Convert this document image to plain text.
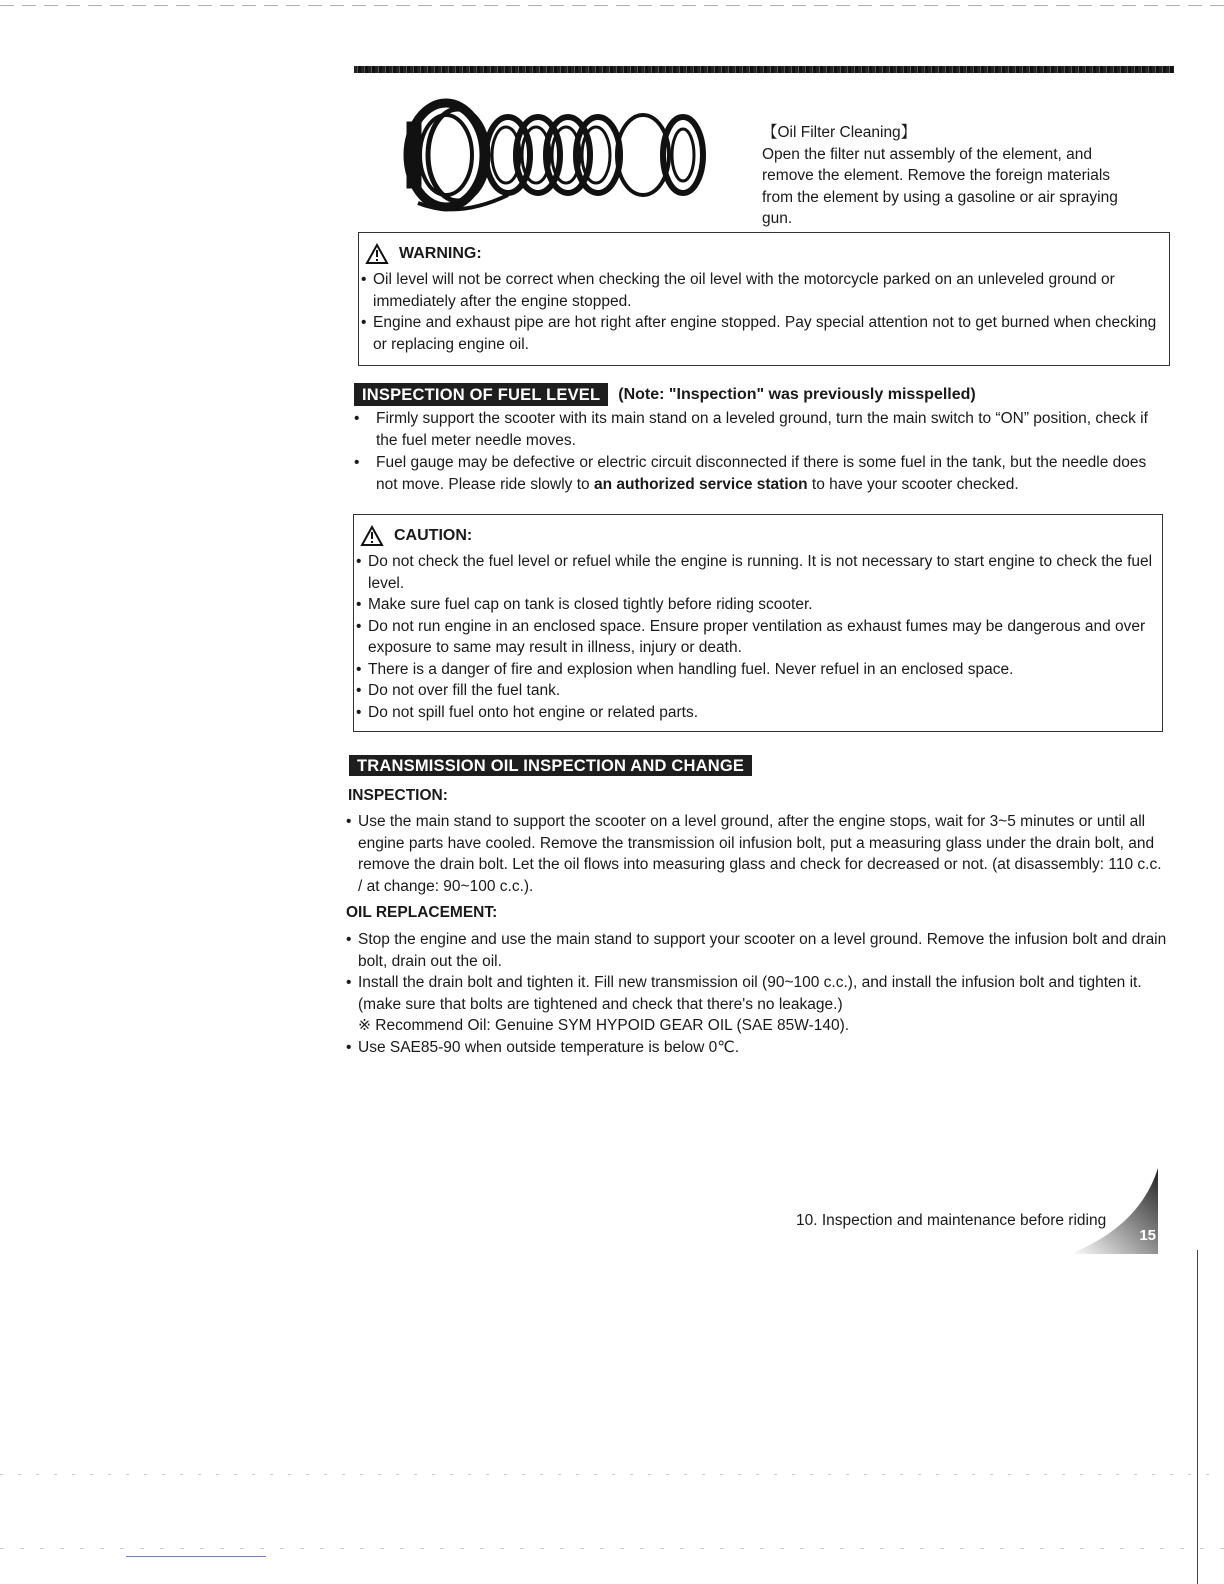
【Oil Filter Cleaning】

Open the filter nut assembly of the element, and

remove the element. Remove the foreign materials

from the element by using a gasoline or air spraying

gun.

WARNING:
• Oil level will not be correct when checking the oil level with the motorcycle parked on an unleveled ground or immediately after the engine stopped.
• Engine and exhaust pipe are hot right after engine stopped. Pay special attention not to get burned when checking or replacing engine oil.
INSPECTION OF FUEL LEVEL	(Note: "Inspection" was previously misspelled)
• Firmly support the scooter with its main stand on a leveled ground, turn the main switch to “ON” position, check if the fuel meter needle moves.
• Fuel gauge may be defective or electric circuit disconnected if there is some fuel in the tank, but the needle does not move. Please ride slowly to an authorized service station to have your scooter checked.
CAUTION:
• Do not check the fuel level or refuel while the engine is running. It is not necessary to start engine to check the fuel level.
• Make sure fuel cap on tank is closed tightly before riding scooter.
• Do not run engine in an enclosed space. Ensure proper ventilation as exhaust fumes may be dangerous and over exposure to same may result in illness, injury or death.
• There is a danger of fire and explosion when handling fuel. Never refuel in an enclosed space.
• Do not over fill the fuel tank.
• Do not spill fuel onto hot engine or related parts.
TRANSMISSION OIL INSPECTION AND CHANGE
INSPECTION:
• Use the main stand to support the scooter on a level ground, after the engine stops, wait for 3~5 minutes or until all engine parts have cooled. Remove the transmission oil infusion bolt, put a measuring glass under the drain bolt, and remove the drain bolt. Let the oil flows into measuring glass and check for decreased or not. (at disassembly: 110 c.c. / at change: 90~100 c.c.).
OIL REPLACEMENT:
• Stop the engine and use the main stand to support your scooter on a level ground. Remove the infusion bolt and drain bolt, drain out the oil.
• Install the drain bolt and tighten it. Fill new transmission oil (90~100 c.c.), and install the infusion bolt and tighten it. (make sure that bolts are tightened and check that there's no leakage.)
※ Recommend Oil: Genuine SYM HYPOID GEAR OIL (SAE 85W-140).
• Use SAE85-90 when outside temperature is below 0℃.
10. Inspection and maintenance before riding
15
